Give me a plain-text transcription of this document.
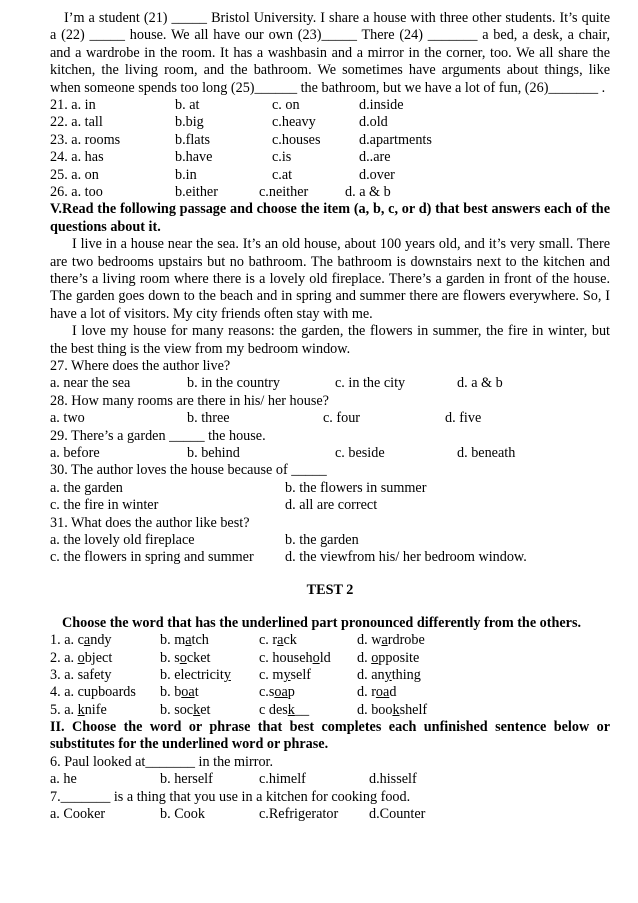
I’m a student (21) _____ Bristol University. I share a house with three other students. It’s quite a (22) _____ house. We all have our own (23)_____ There (24) _______ a bed, a desk, a chair, and a wardrobe in the room. It has a washbasin and a mirror in the corner, too. We all share the kitchen, the living room, and the bathroom. We sometimes have arguments about things, like when someone spends too long (25)______ the bathroom, but we have a lot of fun, (26)_______ .

21. a. in	b. at	c. on	d.inside
22. a. tall	b.big	c.heavy	d.old
23. a. rooms	b.flats	c.houses	d.apartments
24. a. has	b.have	c.is	d..are
25. a. on	b.in	c.at	d.over
26. a. too	b.either	c.neither	d. a & b

V.Read the following passage and choose the item (a, b, c, or d) that best answers each of the questions about it.

I live in a house near the sea. It’s an old house, about 100 years old, and it’s very small. There are two bedrooms upstairs but no bathroom. The bathroom is downstairs next to the kitchen and there’s a living room where there is a lovely old fireplace. There’s a garden in front of the house. The garden goes down to the beach and in spring and summer there are flowers everywhere. So, I have a lot of visitors. My city friends often stay with me.

I love my house for many reasons: the garden, the flowers in summer, the fire in winter, but the best thing is the view from my bedroom window.

27. Where does the author live?
a. near the sea	b. in the country	c. in the city	d. a & b
28. How many rooms are there in his/ her house?
a. two	b. three	c. four	d. five
29. There’s a garden _____ the house.
a. before	b. behind	c. beside	d. beneath
30. The author loves the house because of _____
a. the garden	b. the flowers in summer
c. the fire in winter	d. all are correct
31. What does the author like best?
a. the lovely old fireplace	b. the garden
c. the flowers in spring and summer	d. the viewfrom his/ her bedroom window.
TEST 2

Choose the word that has the underlined part pronounced differently from the others.

1. a. candy	b. match	c. rack	d. wardrobe
2. a. object	b. socket	c. household	d. opposite
3. a. safety	b. electricity	c. myself	d. anything
4. a. cupboards	b. boat	c.soap	d. road
5. a. knife	b. socket	c desk__	d. bookshelf

II. Choose the word or phrase that best completes each unfinished sentence below or substitutes for the underlined word or phrase.

6. Paul looked at_______ in the mirror.
a. he	b. herself	c.himelf	d.hisself
7._______ is a thing that you use in a kitchen for cooking food.
a. Cooker	b. Cook	c.Refrigerator	d.Counter
